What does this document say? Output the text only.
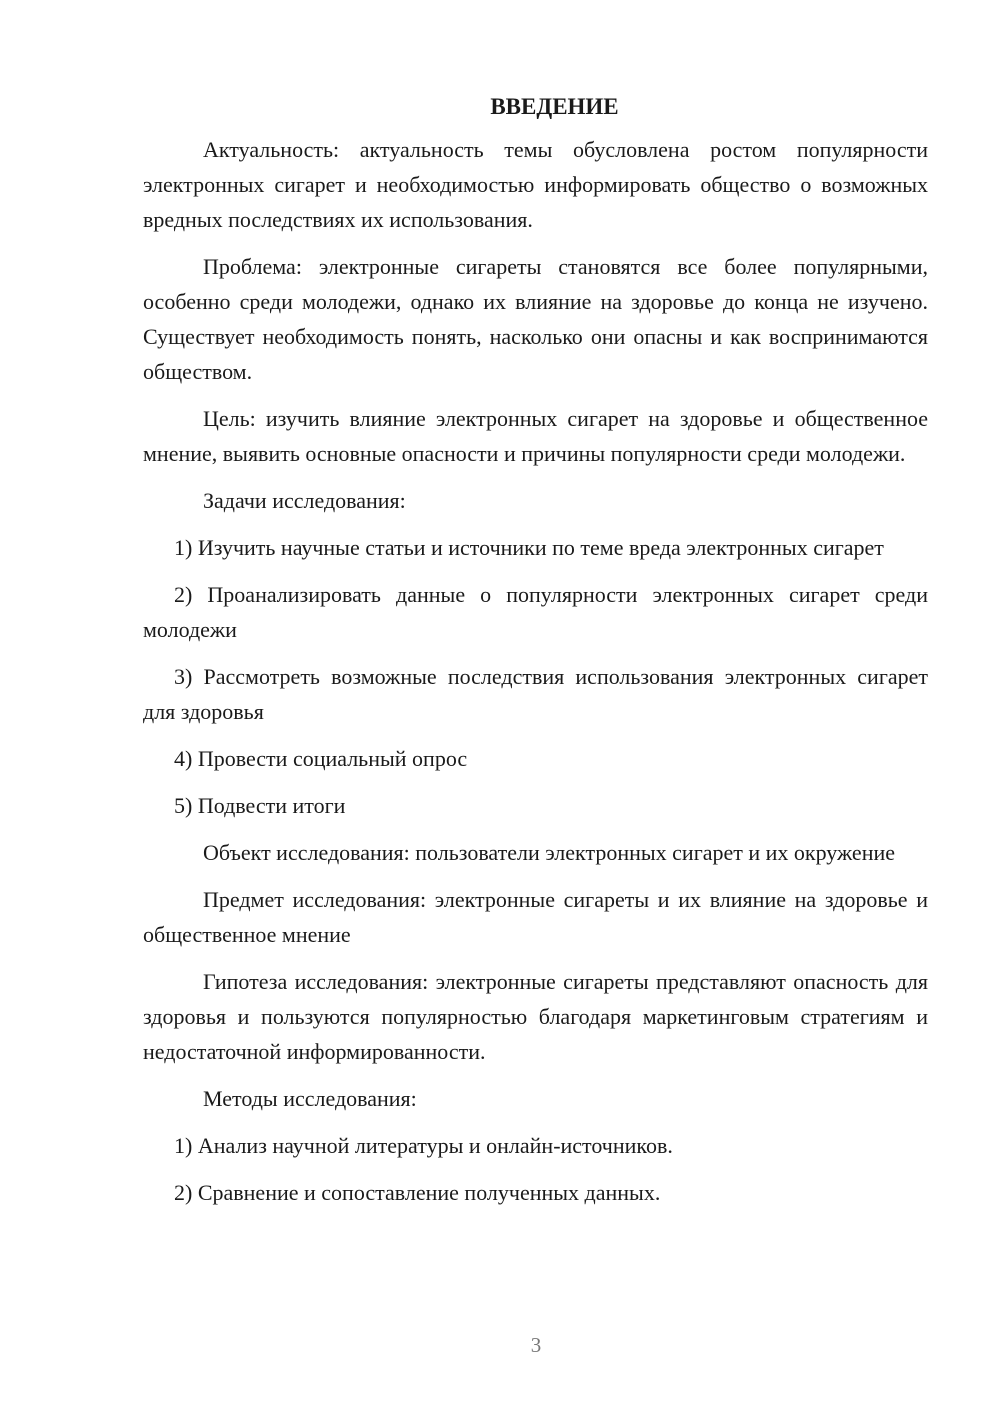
ВВЕДЕНИЕ

Актуальность: актуальность темы обусловлена ростом популярности электронных сигарет и необходимостью информировать общество о возможных вредных последствиях их использования.

Проблема: электронные сигареты становятся все более популярными, особенно среди молодежи, однако их влияние на здоровье до конца не изучено. Существует необходимость понять, насколько они опасны и как воспринимаются обществом.

Цель: изучить влияние электронных сигарет на здоровье и общественное мнение, выявить основные опасности и причины популярности среди молодежи.

Задачи исследования:

1) Изучить научные статьи и источники по теме вреда электронных сигарет

2) Проанализировать данные о популярности электронных сигарет среди молодежи

3) Рассмотреть возможные последствия использования электронных сигарет для здоровья

4) Провести социальный опрос

5) Подвести итоги

Объект исследования: пользователи электронных сигарет и их окружение

Предмет исследования: электронные сигареты и их влияние на здоровье и общественное мнение

Гипотеза исследования: электронные сигареты представляют опасность для здоровья и пользуются популярностью благодаря маркетинговым стратегиям и недостаточной информированности.

Методы исследования:

1) Анализ научной литературы и онлайн-источников.

2) Сравнение и сопоставление полученных данных.

3
